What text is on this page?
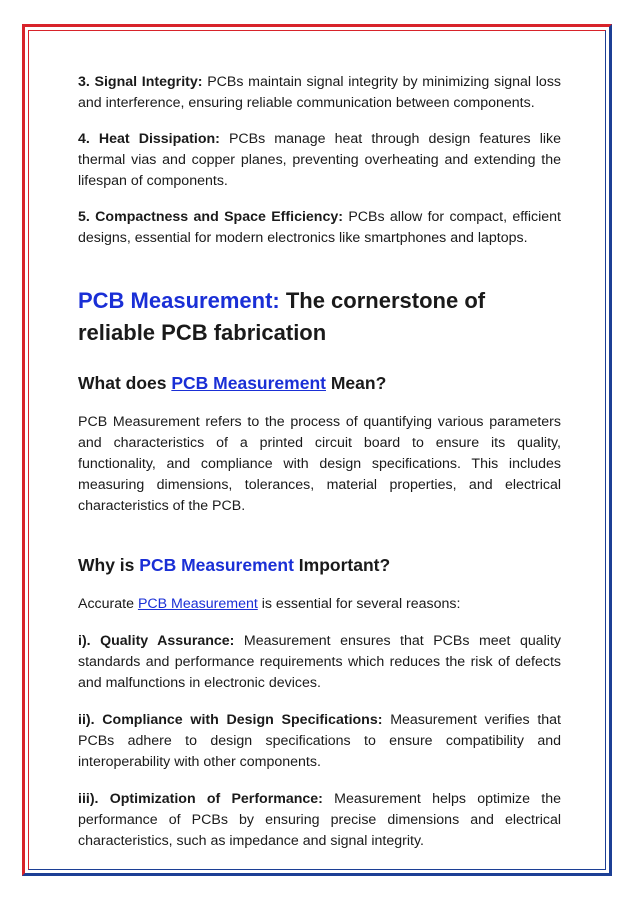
3. Signal Integrity: PCBs maintain signal integrity by minimizing signal loss and interference, ensuring reliable communication between components.

4. Heat Dissipation: PCBs manage heat through design features like thermal vias and copper planes, preventing overheating and extending the lifespan of components.

5. Compactness and Space Efficiency: PCBs allow for compact, efficient designs, essential for modern electronics like smartphones and laptops.

PCB Measurement: The cornerstone of reliable PCB fabrication
What does PCB Measurement Mean?

PCB Measurement refers to the process of quantifying various parameters and characteristics of a printed circuit board to ensure its quality, functionality, and compliance with design specifications. This includes measuring dimensions, tolerances, material properties, and electrical characteristics of the PCB.

Why is PCB Measurement Important?

Accurate PCB Measurement is essential for several reasons:

i). Quality Assurance: Measurement ensures that PCBs meet quality standards and performance requirements which reduces the risk of defects and malfunctions in electronic devices.

ii). Compliance with Design Specifications: Measurement verifies that PCBs adhere to design specifications to ensure compatibility and interoperability with other components.

iii). Optimization of Performance: Measurement helps optimize the performance of PCBs by ensuring precise dimensions and electrical characteristics, such as impedance and signal integrity.
